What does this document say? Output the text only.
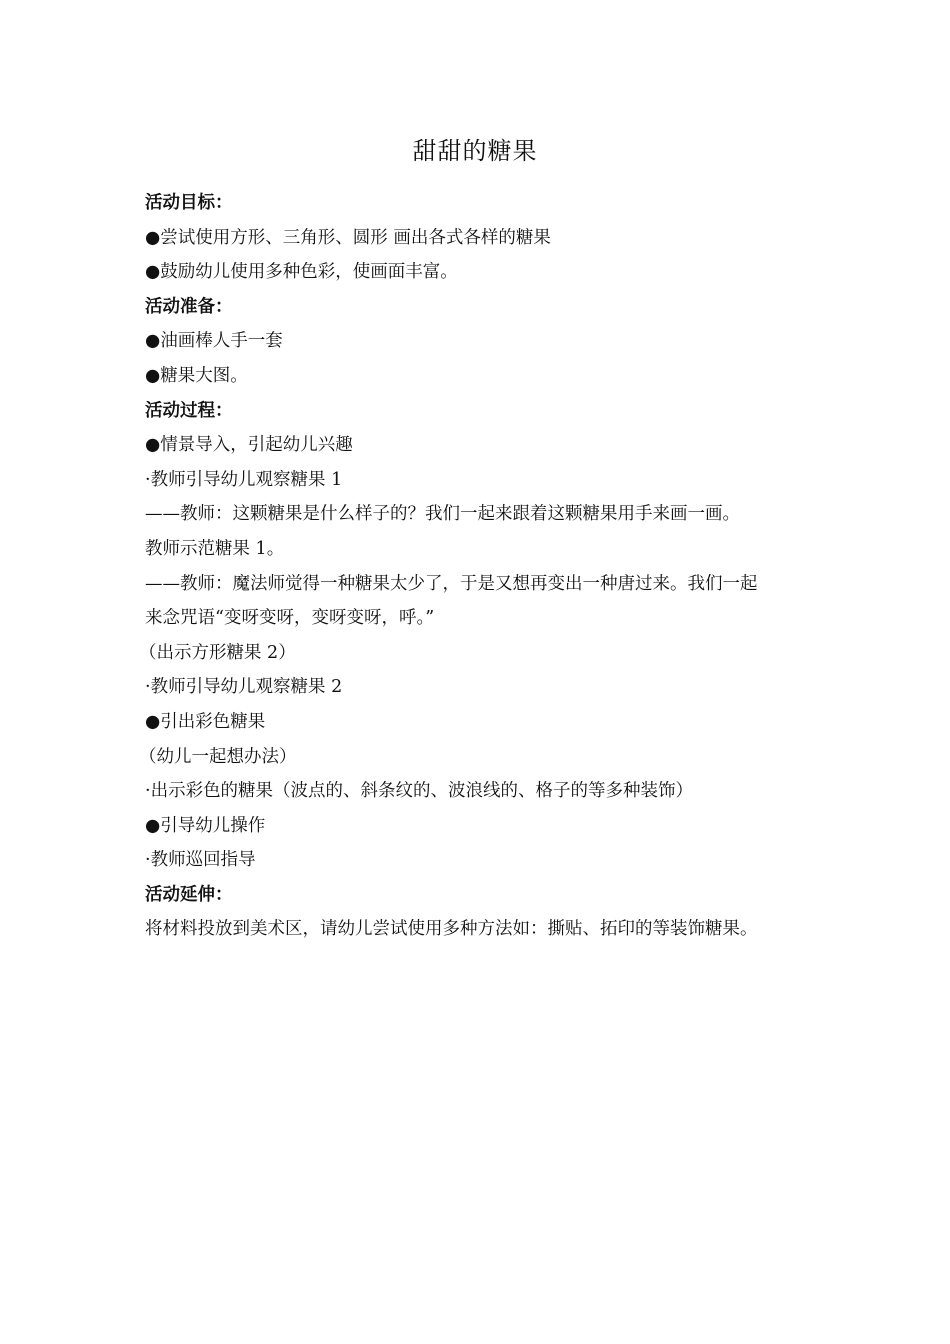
甜甜的糖果
活动目标：
●尝试使用方形、三角形、圆形 画出各式各样的糖果
●鼓励幼儿使用多种色彩，使画面丰富。
活动准备：
●油画棒人手一套
●糖果大图。
活动过程：
●情景导入，引起幼儿兴趣
·教师引导幼儿观察糖果 1
——教师：这颗糖果是什么样子的？我们一起来跟着这颗糖果用手来画一画。
教师示范糖果 1。
——教师：魔法师觉得一种糖果太少了，于是又想再变出一种唐过来。我们一起
来念咒语“变呀变呀，变呀变呀，呼。”
（出示方形糖果 2）
·教师引导幼儿观察糖果 2
●引出彩色糖果
（幼儿一起想办法）
·出示彩色的糖果（波点的、斜条纹的、波浪线的、格子的等多种装饰）
●引导幼儿操作
·教师巡回指导
活动延伸：
将材料投放到美术区，请幼儿尝试使用多种方法如：撕贴、拓印的等装饰糖果。
